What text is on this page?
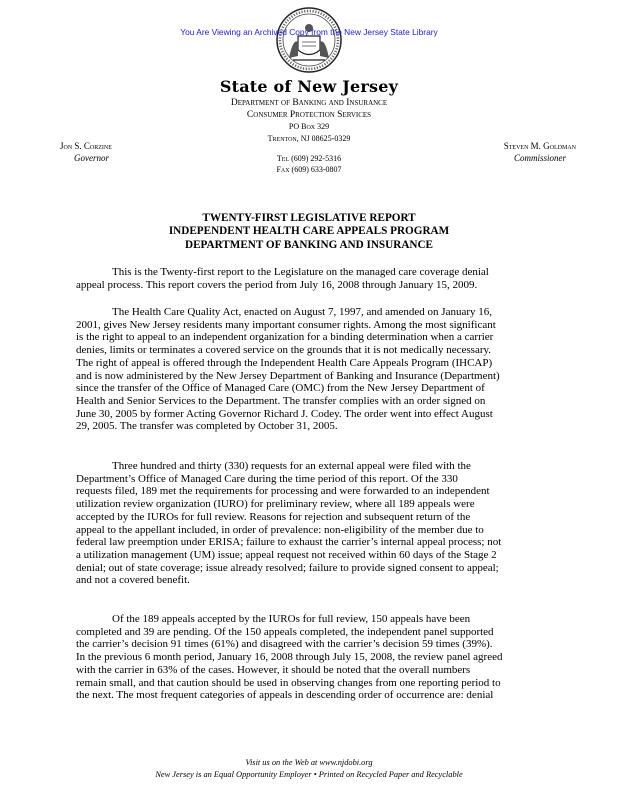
You Are Viewing an Archived Copy from the New Jersey State Library
State of New Jersey
Department of Banking and Insurance
Consumer Protection Services
PO Box 329
Trenton, NJ 08625-0329
Jon S. Corzine
Governor
Steven M. Goldman
Commissioner
Tel (609) 292-5316
Fax (609) 633-0807
TWENTY-FIRST LEGISLATIVE REPORT
INDEPENDENT HEALTH CARE APPEALS PROGRAM
DEPARTMENT OF BANKING AND INSURANCE

This is the Twenty-first report to the Legislature on the managed care coverage denial

appeal process. This report covers the period from July 16, 2008 through January 15, 2009.

The Health Care Quality Act, enacted on August 7, 1997, and amended on January 16,

2001, gives New Jersey residents many important consumer rights. Among the most significant

is the right to appeal to an independent organization for a binding determination when a carrier

denies, limits or terminates a covered service on the grounds that it is not medically necessary.

The right of appeal is offered through the Independent Health Care Appeals Program (IHCAP)

and is now administered by the New Jersey Department of Banking and Insurance (Department)

since the transfer of the Office of Managed Care (OMC) from the New Jersey Department of

Health and Senior Services to the Department. The transfer complies with an order signed on

June 30, 2005 by former Acting Governor Richard J. Codey. The order went into effect August

29, 2005. The transfer was completed by October 31, 2005.

Three hundred and thirty (330) requests for an external appeal were filed with the

Department’s Office of Managed Care during the time period of this report. Of the 330

requests filed, 189 met the requirements for processing and were forwarded to an independent

utilization review organization (IURO) for preliminary review, where all 189 appeals were

accepted by the IUROs for full review. Reasons for rejection and subsequent return of the

appeal to the appellant included, in order of prevalence: non-eligibility of the member due to

federal law preemption under ERISA; failure to exhaust the carrier’s internal appeal process; not

a utilization management (UM) issue; appeal request not received within 60 days of the Stage 2

denial; out of state coverage; issue already resolved; failure to provide signed consent to appeal;

and not a covered benefit.

Of the 189 appeals accepted by the IUROs for full review, 150 appeals have been

completed and 39 are pending. Of the 150 appeals completed, the independent panel supported

the carrier’s decision 91 times (61%) and disagreed with the carrier’s decision 59 times (39%).

In the previous 6 month period, January 16, 2008 through July 15, 2008, the review panel agreed

with the carrier in 63% of the cases. However, it should be noted that the overall numbers

remain small, and that caution should be used in observing changes from one reporting period to

the next. The most frequent categories of appeals in descending order of occurrence are: denial

Visit us on the Web at www.njdobi.org
New Jersey is an Equal Opportunity Employer • Printed on Recycled Paper and Recyclable
